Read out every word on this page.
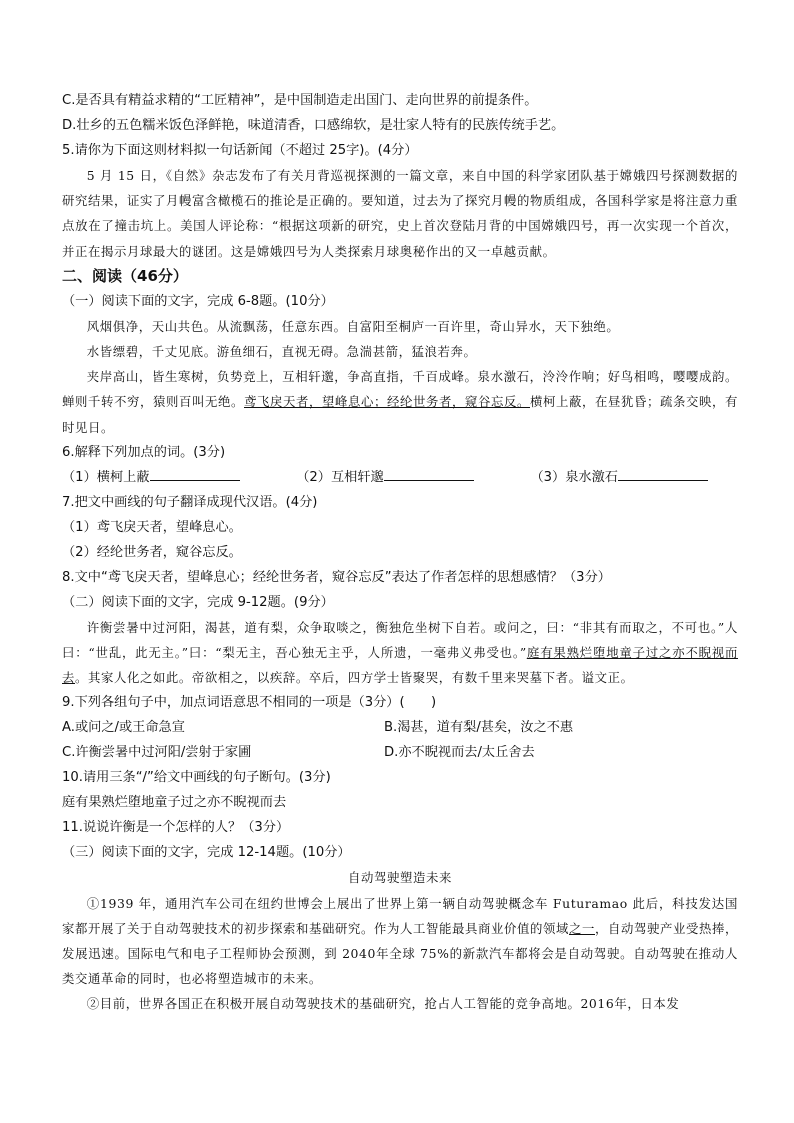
C.是否具有精益求精的“工匠精神”，是中国制造走出国门、走向世界的前提条件。
D.壮乡的五色糯米饭色泽鲜艳，味道清香，口感绵软，是壮家人特有的民族传统手艺。
5.请你为下面这则材料拟一句话新闻（不超过 25字)。(4分）
5 月 15 日，《自然》杂志发布了有关月背巡视探测的一篇文章，来自中国的科学家团队基于嫦娥四号探测数据的研究结果，证实了月幔富含橄榄石的推论是正确的。要知道，过去为了探究月幔的物质组成，各国科学家是将注意力重点放在了撞击坑上。美国人评论称：“根据这项新的研究，史上首次登陆月背的中国嫦娥四号，再一次实现一个首次，并正在揭示月球最大的谜团。这是嫦娥四号为人类探索月球奥秘作出的又一卓越贡献。
二、阅读（46分）
（一）阅读下面的文字，完成 6-8题。(10分）
风烟俱净，天山共色。从流飘荡，任意东西。自富阳至桐庐一百许里，奇山异水，天下独绝。
水皆缥碧，千丈见底。游鱼细石，直视无碍。急湍甚箭，猛浪若奔。
夹岸高山，皆生寒树，负势竞上，互相轩邈，争高直指，千百成峰。泉水激石，泠泠作响；好鸟相鸣，嘤嘤成韵。蝉则千转不穷，猿则百叫无绝。鸢飞戾天者，望峰息心；经纶世务者，窥谷忘反。横柯上蔽，在昼犹昏；疏条交映，有时见日。
6.解释下列加点的词。(3分)
（1）横柯上蔽	（2）互相轩邈	（3）泉水激石
7.把文中画线的句子翻译成现代汉语。(4分)
（1）鸢飞戾天者，望峰息心。
（2）经纶世务者，窥谷忘反。
8.文中“鸢飞戾天者，望峰息心；经纶世务者，窥谷忘反”表达了作者怎样的思想感情？（3分）
（二）阅读下面的文字，完成 9-12题。(9分）
许衡尝暑中过河阳，渴甚，道有梨，众争取啖之，衡独危坐树下自若。或问之，曰：“非其有而取之，不可也。”人曰：“世乱，此无主。”曰：“梨无主，吾心独无主乎，人所遗，一毫弗义弗受也。”庭有果熟烂堕地童子过之亦不睨视而去。其家人化之如此。帝欲相之，以疾辞。卒后，四方学士皆聚哭，有数千里来哭墓下者。谥文正。
9.下列各组句子中，加点词语意思不相同的一项是（3分）(　　)
A.或问之/或王命急宣	B.渴甚，道有梨/甚矣，汝之不惠
C.许衡尝暑中过河阳/尝射于家圃	D.亦不睨视而去/太丘舍去
10.请用三条“/”给文中画线的句子断句。(3分)
庭有果熟烂堕地童子过之亦不睨视而去
11.说说许衡是一个怎样的人？（3分）
（三）阅读下面的文字，完成 12-14题。(10分）
自动驾驶塑造未来
①1939 年，通用汽车公司在纽约世博会上展出了世界上第一辆自动驾驶概念车 Futuramao 此后，科技发达国家都开展了关于自动驾驶技术的初步探索和基础研究。作为人工智能最具商业价值的领域之一，自动驾驶产业受热捧，发展迅速。国际电气和电子工程师协会预测，到 2040年全球 75%的新款汽车都将会是自动驾驶。自动驾驶在推动人类交通革命的同时，也必将塑造城市的未来。
②目前，世界各国正在积极开展自动驾驶技术的基础研究，抢占人工智能的竞争高地。2016年，日本发
